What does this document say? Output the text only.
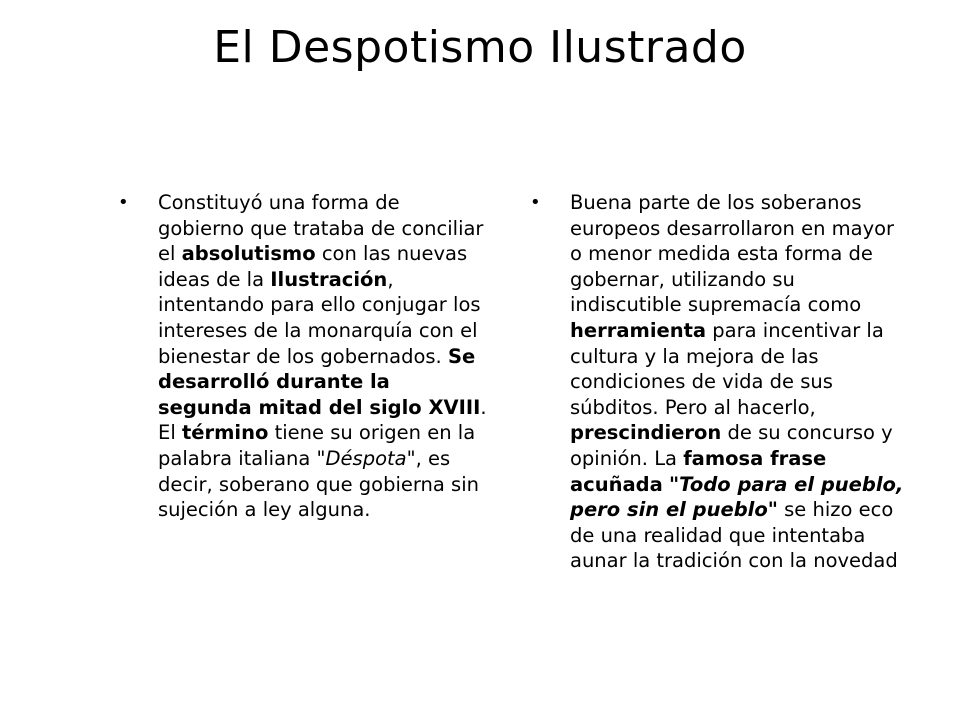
El Despotismo Ilustrado
•	Constituyó una forma de gobierno que trataba de conciliar el absolutismo con las nuevas ideas de la Ilustración, intentando para ello conjugar los intereses de la monarquía con el bienestar de los gobernados. Se desarrolló durante la segunda mitad del siglo XVIII.
El término tiene su origen en la palabra italiana "Déspota", es decir, soberano que gobierna sin sujeción a ley alguna.
•	Buena parte de los soberanos europeos desarrollaron en mayor o menor medida esta forma de gobernar, utilizando su indiscutible supremacía como herramienta para incentivar la cultura y la mejora de las condiciones de vida de sus súbditos. Pero al hacerlo, prescindieron de su concurso y opinión. La famosa frase acuñada "Todo para el pueblo, pero sin el pueblo" se hizo eco de una realidad que intentaba aunar la tradición con la novedad
